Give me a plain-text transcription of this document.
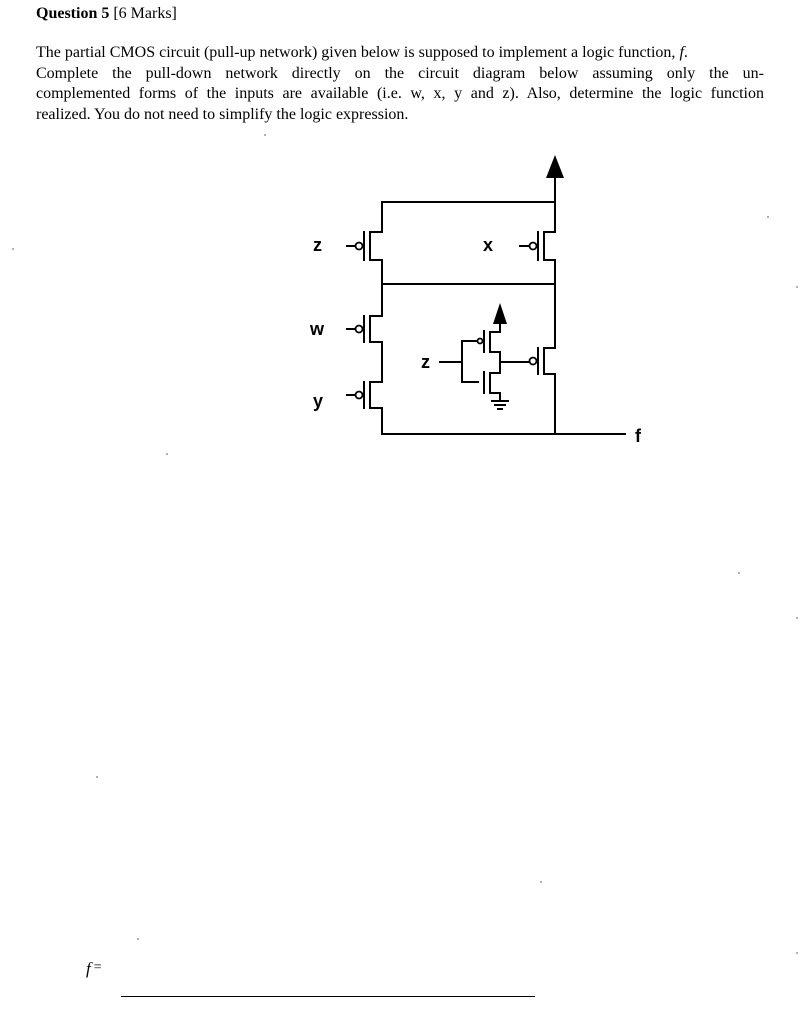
Question 5 [6 Marks]
The partial CMOS circuit (pull-up network) given below is supposed to implement a logic function, f.
Complete the pull-down network directly on the circuit diagram below assuming only the un-
complemented forms of the inputs are available (i.e. w, x, y and z). Also, determine the logic function
realized. You do not need to simplify the logic expression.
z	x
w
y
z
f
f =
